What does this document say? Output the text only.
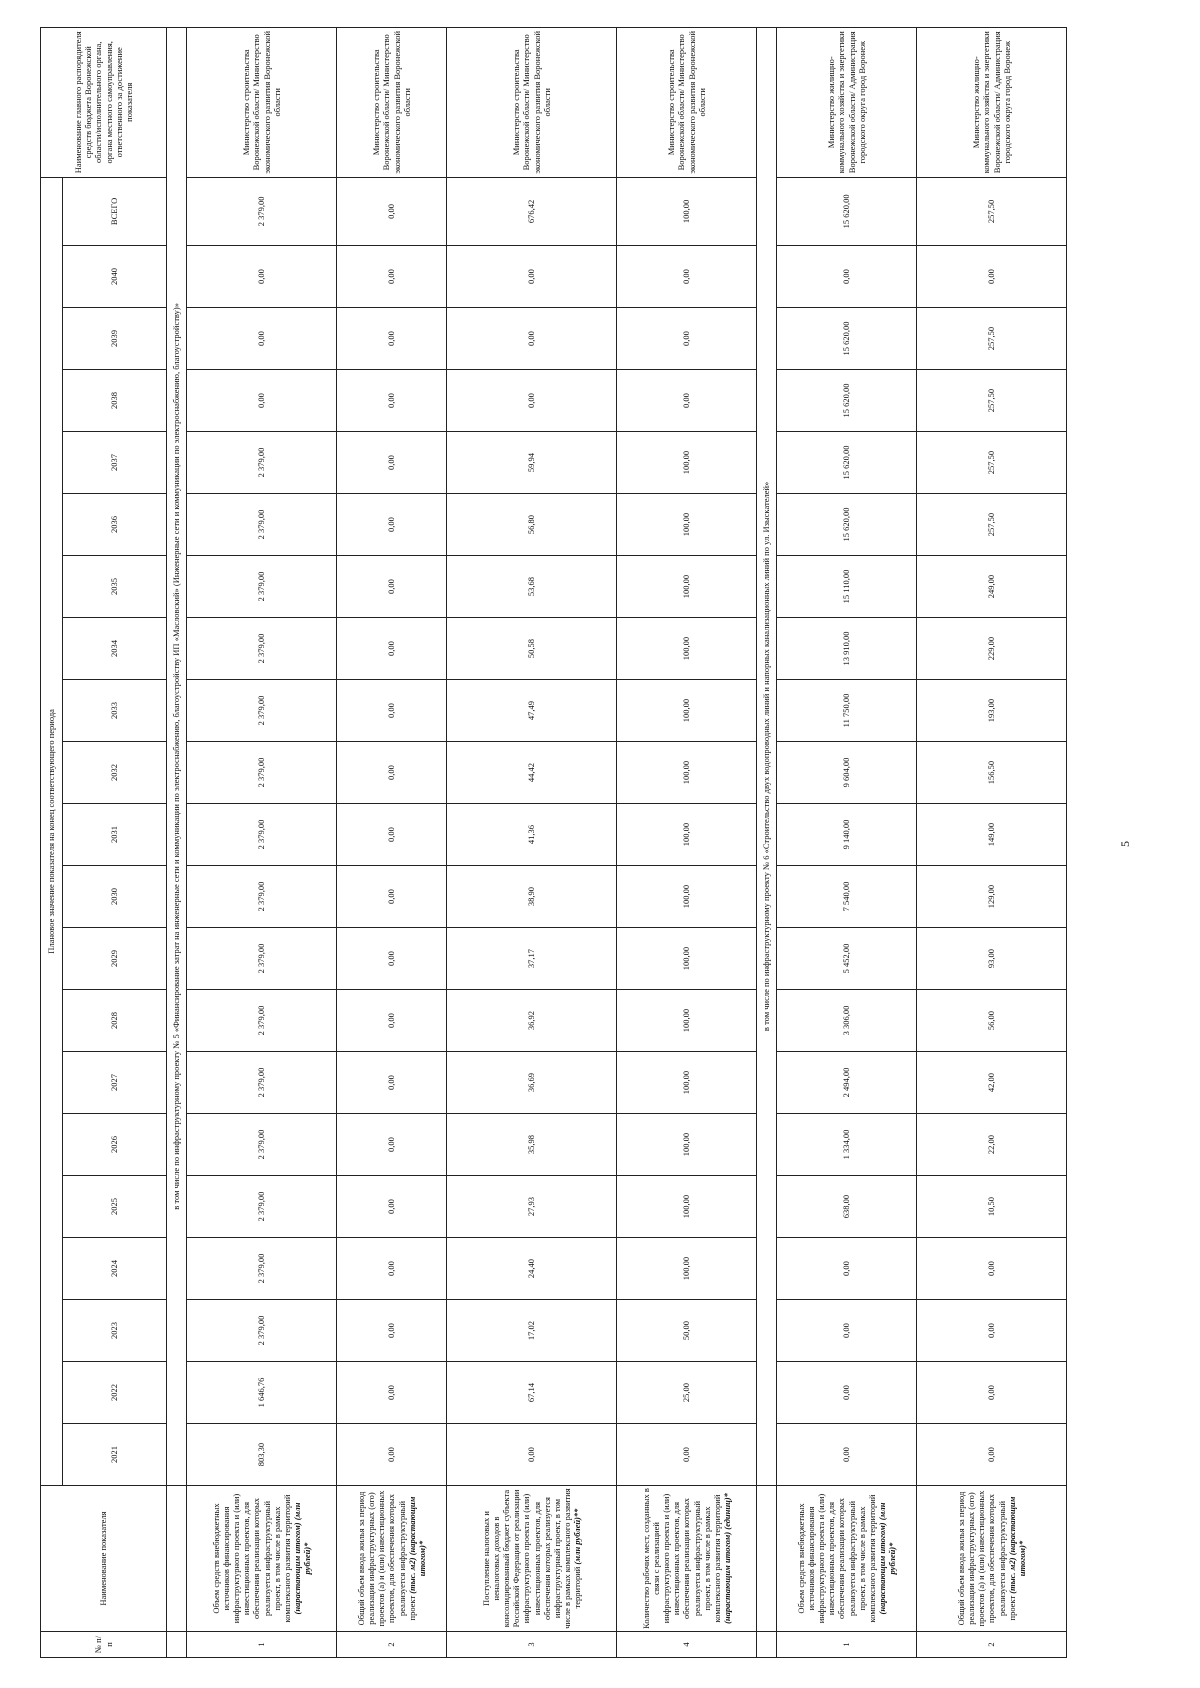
№ п/п	Наименование показателя	Плановое значение показателя на конец соответствующего периода																					Наименование главного распорядителя средств бюджета Воронежской области/исполнительного органа, органа местного самоуправления, ответственного за достижение показателя
		2021	2022	2023	2024	2025	2026	2027	2028	2029	2030	2031	2032	2033	2034	2035	2036	2037	2038	2039	2040	ВСЕГО	
		в том числе по инфраструктурному проекту № 5 «Финансирование затрат на инженерные сети и коммуникации по электроснабжению, благоустройству ИП «Масловский» (Инженерные сети и коммуникации по электроснабжению, благоустройству)»																					
1	Объем средств внебюджетных источников финансирования инфраструктурного проекта и (или) инвестиционных проектов, для обеспечения реализации которых реализуется инфраструктурный проект, в том числе в рамках комплексного развития территорий (нарастающим итогом) (млн рублей)*	803,30	1 646,76	2 379,00	2 379,00	2 379,00	2 379,00	2 379,00	2 379,00	2 379,00	2 379,00	2 379,00	2 379,00	2 379,00	2 379,00	2 379,00	2 379,00	2 379,00	0,00	0,00	0,00	2 379,00	Министерство строительства Воронежской области/ Министерство экономического развития Воронежской области
2	Общий объем ввода жилья за период реализации инфраструктурных (ого) проектов (а) и (или) инвестиционных проектов, для обеспечения которых реализуется инфраструктурный проект (тыс. м2) (нарастающим итогом)*	0,00	0,00	0,00	0,00	0,00	0,00	0,00	0,00	0,00	0,00	0,00	0,00	0,00	0,00	0,00	0,00	0,00	0,00	0,00	0,00	0,00	Министерство строительства Воронежской области/ Министерство экономического развития Воронежской области
3	Поступление налоговых и неналоговых доходов в консолидированный бюджет субъекта Российской Федерации от реализации инфраструктурного проекта и (или) инвестиционных проектов, для обеспечения которых реализуется инфраструктурный проект, в том числе в рамках комплексного развития территорий (млн рублей)**	0,00	67,14	17,02	24,40	27,93	35,98	36,69	36,92	37,17	38,90	41,36	44,42	47,49	50,58	53,68	56,80	59,94	0,00	0,00	0,00	676,42	Министерство строительства Воронежской области/ Министерство экономического развития Воронежской области
4	Количество рабочих мест, созданных в связи с реализацией инфраструктурного проекта и (или) инвестиционных проектов, для обеспечения реализации которых реализуется инфраструктурный проект, в том числе в рамках комплексного развития территорий (нарастающим итогом) (единиц)*	0,00	25,00	50,00	100,00	100,00	100,00	100,00	100,00	100,00	100,00	100,00	100,00	100,00	100,00	100,00	100,00	100,00	0,00	0,00	0,00	100,00	Министерство строительства Воронежской области/ Министерство экономического развития Воронежской области
		в том числе по инфраструктурному проекту № 6 «Строительство двух водопроводных линий и напорных канализационных линий по ул. Изыскателей»																					
1	Объем средств внебюджетных источников финансирования инфраструктурного проекта и (или) инвестиционных проектов, для обеспечения реализации которых реализуется инфраструктурный проект, в том числе в рамках комплексного развития территорий (нарастающим итогом) (млн рублей)*	0,00	0,00	0,00	0,00	638,00	1 334,00	2 494,00	3 306,00	5 452,00	7 540,00	9 140,00	9 604,00	11 750,00	13 910,00	15 110,00	15 620,00	15 620,00	15 620,00	15 620,00	0,00	15 620,00	Министерство жилищно-коммунального хозяйства и энергетики Воронежской области/ Администрация городского округа город Воронеж
2	Общий объем ввода жилья за период реализации инфраструктурных (ого) проектов (а) и (или) инвестиционных проектов, для обеспечения которых реализуется инфраструктурный проект (тыс. м2) (нарастающим итогом)*	0,00	0,00	0,00	0,00	10,50	22,00	42,00	56,00	93,00	129,00	149,00	156,50	193,00	229,00	249,00	257,50	257,50	257,50	257,50	0,00	257,50	Министерство жилищно-коммунального хозяйства и энергетики Воронежской области/ Администрация городского округа город Воронеж
5
